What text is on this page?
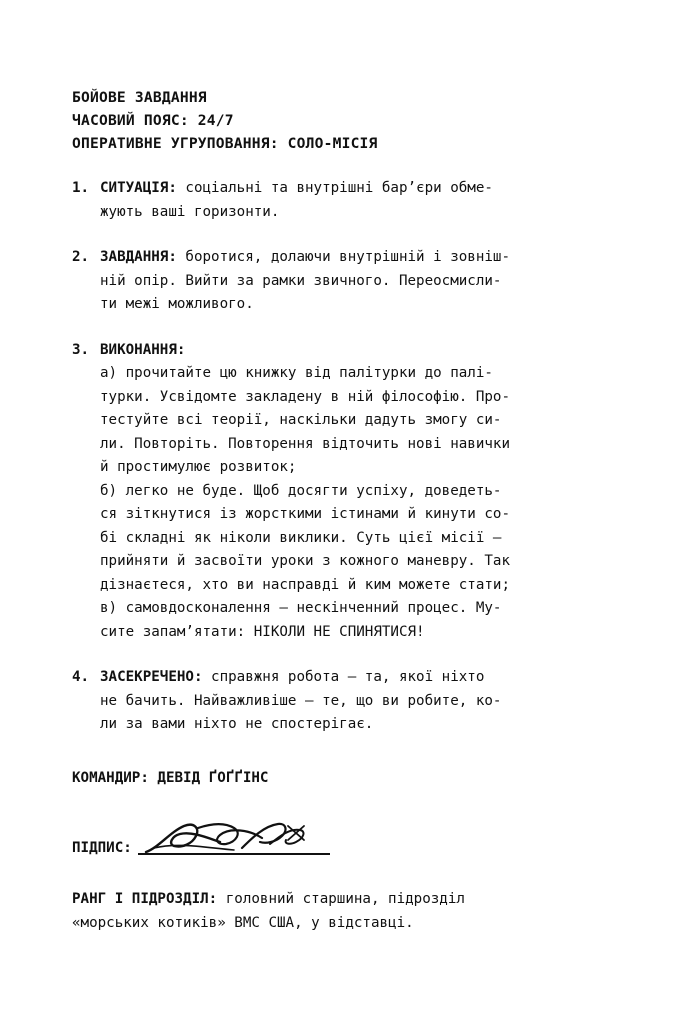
БОЙОВЕ ЗАВДАННЯ
ЧАСОВИЙ ПОЯС: 24/7
ОПЕРАТИВНЕ УГРУПОВАННЯ: СОЛО-МІСІЯ
1. СИТУАЦІЯ: соціальні та внутрішні бар’єри обме-
жують ваші горизонти.
2. ЗАВДАННЯ: боротися, долаючи внутрішній і зовніш-
ній опір. Вийти за рамки звичного. Переосмисли-
ти межі можливого.
3. ВИКОНАННЯ:
а) прочитайте цю книжку від палітурки до палі-
турки. Усвідомте закладену в ній філософію. Про-
тестуйте всі теорії, наскільки дадуть змогу си-
ли. Повторіть. Повторення відточить нові навички
й простимулює розвиток;
б) легко не буде. Щоб досягти успіху, доведеть-
ся зіткнутися із жорсткими істинами й кинути со-
бі складні як ніколи виклики. Суть цієї місії —
прийняти й засвоїти уроки з кожного маневру. Так
дізнаєтеся, хто ви насправді й ким можете стати;
в) самовдосконалення — нескінченний процес. Му-
сите запам’ятати: НІКОЛИ НЕ СПИНЯТИСЯ!
4. ЗАСЕКРЕЧЕНО: справжня робота — та, якої ніхто
не бачить. Найважливіше — те, що ви робите, ко-
ли за вами ніхто не спостерігає.
КОМАНДИР: ДЕВІД ҐОҐҐІНС
ПІДПИС:
РАНГ І ПІДРОЗДІЛ: головний старшина, підрозділ
«морських котиків» ВМС США, у відставці.
